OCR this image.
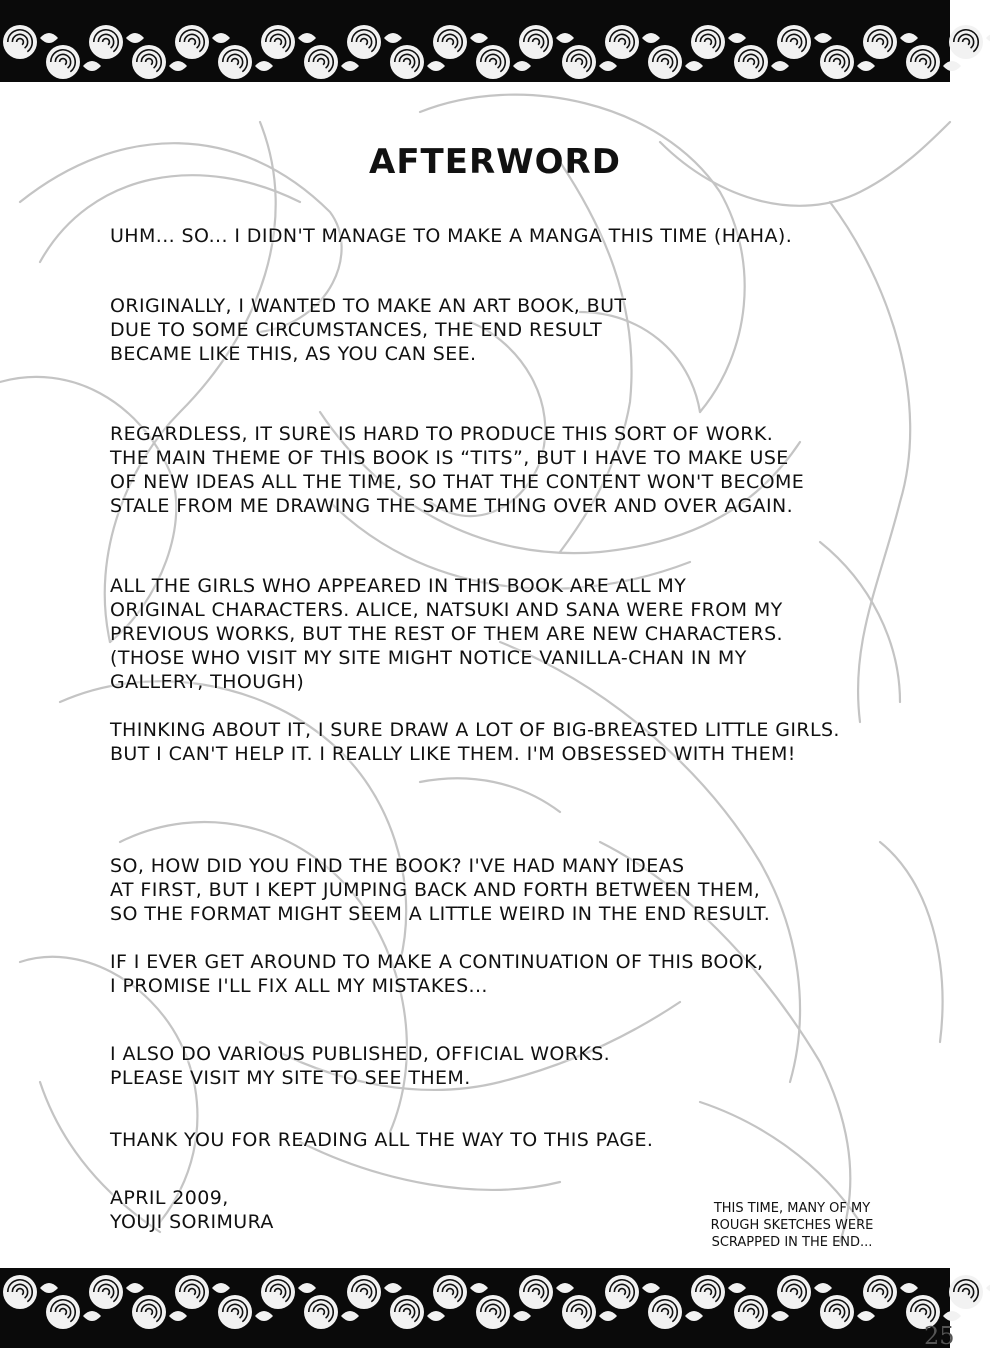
AFTERWORD

UHM... SO... I DIDN'T MANAGE TO MAKE A MANGA THIS TIME (HAHA).

ORIGINALLY, I WANTED TO MAKE AN ART BOOK, BUT
DUE TO SOME CIRCUMSTANCES, THE END RESULT
BECAME LIKE THIS, AS YOU CAN SEE.

REGARDLESS, IT SURE IS HARD TO PRODUCE THIS SORT OF WORK.
THE MAIN THEME OF THIS BOOK IS “TITS”, BUT I HAVE TO MAKE USE
OF NEW IDEAS ALL THE TIME, SO THAT THE CONTENT WON'T BECOME
STALE FROM ME DRAWING THE SAME THING OVER AND OVER AGAIN.

ALL THE GIRLS WHO APPEARED IN THIS BOOK ARE ALL MY
ORIGINAL CHARACTERS. ALICE, NATSUKI AND SANA WERE FROM MY
PREVIOUS WORKS, BUT THE REST OF THEM ARE NEW CHARACTERS.
(THOSE WHO VISIT MY SITE MIGHT NOTICE VANILLA-CHAN IN MY
GALLERY, THOUGH)

THINKING ABOUT IT, I SURE DRAW A LOT OF BIG-BREASTED LITTLE GIRLS.
BUT I CAN'T HELP IT. I REALLY LIKE THEM. I'M OBSESSED WITH THEM!

SO, HOW DID YOU FIND THE BOOK? I'VE HAD MANY IDEAS
AT FIRST, BUT I KEPT JUMPING BACK AND FORTH BETWEEN THEM,
SO THE FORMAT MIGHT SEEM A LITTLE WEIRD IN THE END RESULT.

IF I EVER GET AROUND TO MAKE A CONTINUATION OF THIS BOOK,
I PROMISE I'LL FIX ALL MY MISTAKES...

I ALSO DO VARIOUS PUBLISHED, OFFICIAL WORKS.
PLEASE VISIT MY SITE TO SEE THEM.

THANK YOU FOR READING ALL THE WAY TO THIS PAGE.

APRIL 2009,
YOUJI SORIMURA

THIS TIME, MANY OF MY
ROUGH SKETCHES WERE
SCRAPPED IN THE END...
25
